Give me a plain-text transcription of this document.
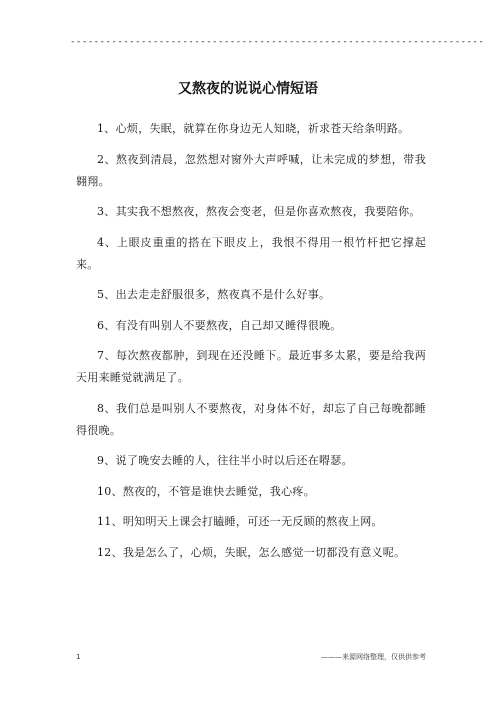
----------------------------------------------------------------------
又熬夜的说说心情短语

1、心烦，失眠，就算在你身边无人知晓，祈求苍天给条明路。

2、熬夜到清晨，忽然想对窗外大声呼喊，让未完成的梦想，带我翱翔。

3、其实我不想熬夜，熬夜会变老，但是你喜欢熬夜，我要陪你。

4、上眼皮重重的搭在下眼皮上，我恨不得用一根竹杆把它撑起来。

5、出去走走舒服很多，熬夜真不是什么好事。

6、有没有叫别人不要熬夜，自己却又睡得很晚。

7、每次熬夜都肿，到现在还没睡下。最近事多太累，要是给我两天用来睡觉就满足了。

8、我们总是叫别人不要熬夜，对身体不好，却忘了自己每晚都睡得很晚。

9、说了晚安去睡的人，往往半小时以后还在嘚瑟。

10、熬夜的，不管是谁快去睡觉，我心疼。

11、明知明天上课会打瞌睡，可还一无反顾的熬夜上网。

12、我是怎么了，心烦，失眠，怎么感觉一切都没有意义呢。

1	———来源网络整理，仅供供参考
